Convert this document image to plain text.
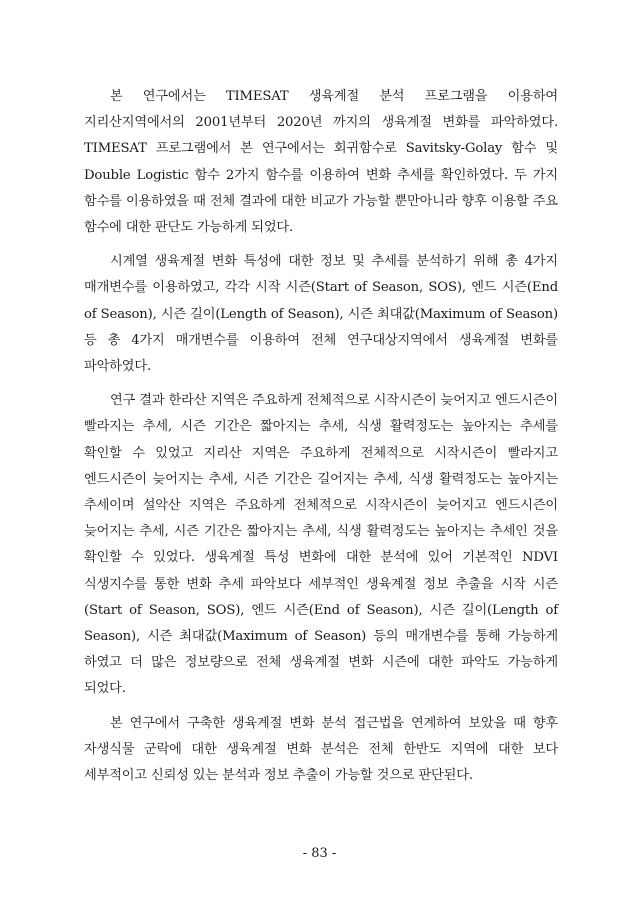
본 연구에서는 TIMESAT 생육계절 분석 프로그램을 이용하여 지리산지역에서의 2001년부터 2020년 까지의 생육계절 변화를 파악하였다. TIMESAT 프로그램에서 본 연구에서는 회귀함수로 Savitsky-Golay 함수 및 Double Logistic 함수 2가지 함수를 이용하여 변화 추세를 확인하였다. 두 가지 함수를 이용하였을 때 전체 결과에 대한 비교가 가능할 뿐만아니라 향후 이용할 주요 함수에 대한 판단도 가능하게 되었다.

시계열 생육계절 변화 특성에 대한 정보 및 추세를 분석하기 위해 총 4가지 매개변수를 이용하였고, 각각 시작 시즌(Start of Season, SOS), 엔드 시즌(End of Season), 시즌 길이(Length of Season), 시즌 최대값(Maximum of Season) 등 총 4가지 매개변수를 이용하여 전체 연구대상지역에서 생육계절 변화를 파악하였다.

연구 결과 한라산 지역은 주요하게 전체적으로 시작시즌이 늦어지고 엔드시즌이 빨라지는 추세, 시즌 기간은 짧아지는 추세, 식생 활력정도는 높아지는 추세를 확인할 수 있었고 지리산 지역은 주요하게 전체적으로 시작시즌이 빨라지고 엔드시즌이 늦어지는 추세, 시즌 기간은 길어지는 추세, 식생 활력정도는 높아지는 추세이며 설악산 지역은 주요하게 전체적으로 시작시즌이 늦어지고 엔드시즌이 늦어지는 추세, 시즌 기간은 짧아지는 추세, 식생 활력정도는 높아지는 추세인 것을 확인할 수 있었다. 생육계절 특성 변화에 대한 분석에 있어 기본적인 NDVI 식생지수를 통한 변화 추세 파악보다 세부적인 생육계절 정보 추출을 시작 시즌(Start of Season, SOS), 엔드 시즌(End of Season), 시즌 길이(Length of Season), 시즌 최대값(Maximum of Season) 등의 매개변수를 통해 가능하게 하였고 더 많은 정보량으로 전체 생육계절 변화 시즌에 대한 파악도 가능하게 되었다.

본 연구에서 구축한 생육계절 변화 분석 접근법을 연계하여 보았을 때 향후 자생식물 군락에 대한 생육계절 변화 분석은 전체 한반도 지역에 대한 보다 세부적이고 신뢰성 있는 분석과 정보 추출이 가능할 것으로 판단된다.

- 83 -
